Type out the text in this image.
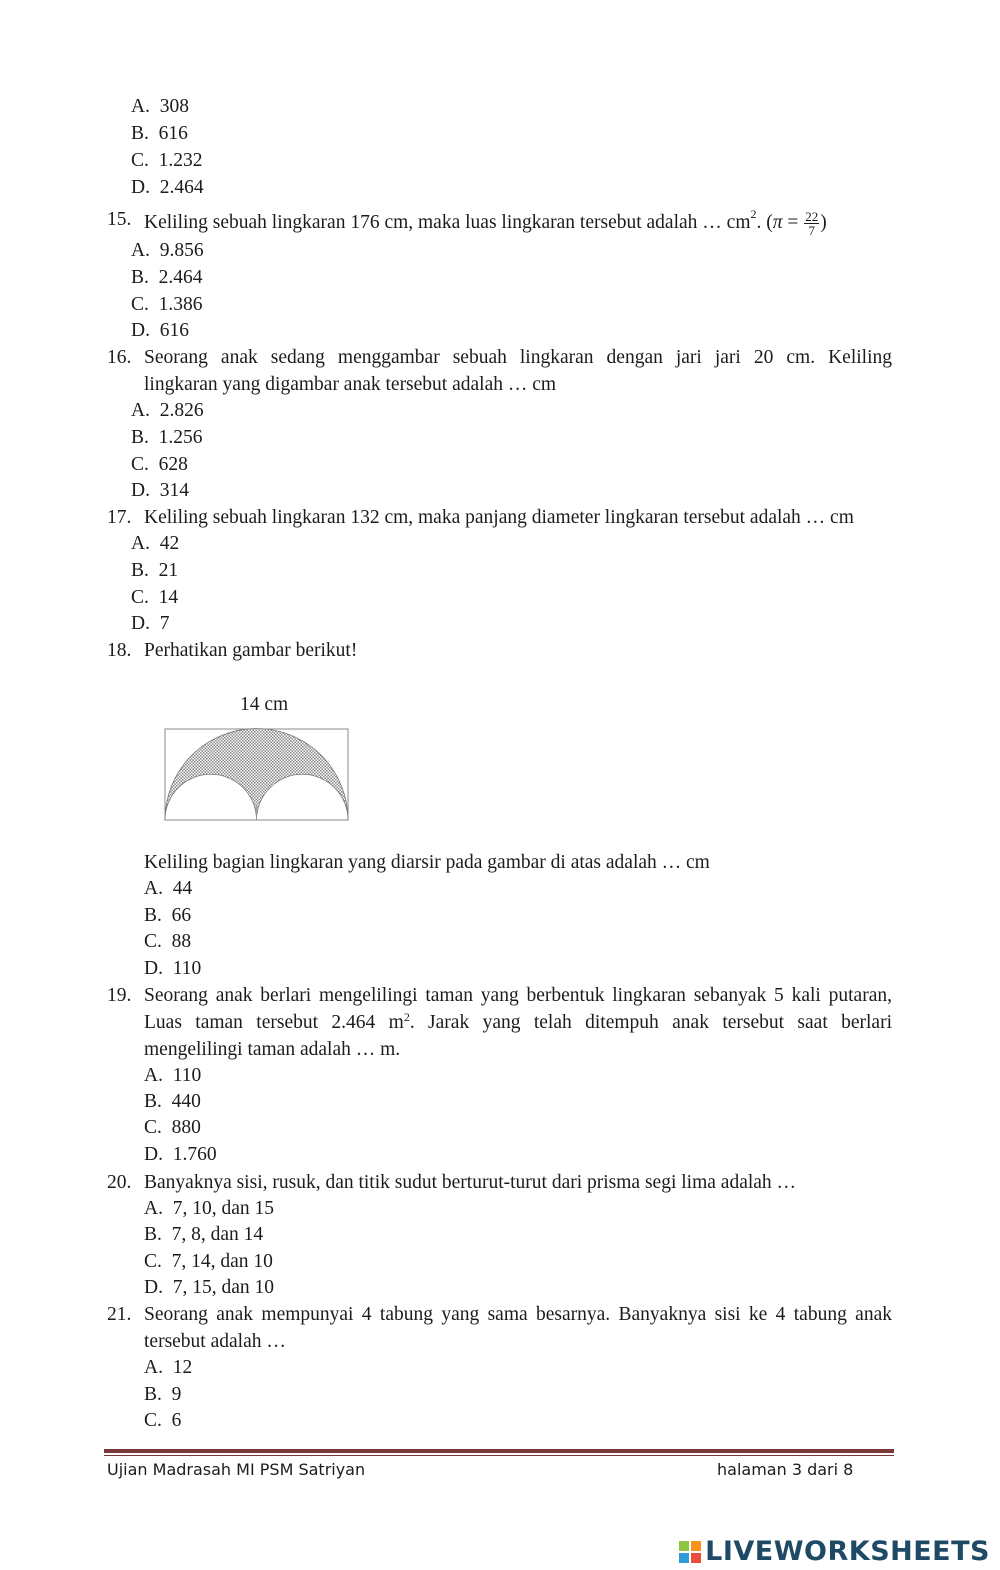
A. 308
B. 616
C. 1.232
D. 2.464
15. Keliling sebuah lingkaran 176 cm, maka luas lingkaran tersebut adalah … $cm^2$. ($\pi = \frac{22}{7}$ )
A. 9.856
B. 2.464
C. 1.386
D. 616
16. Seorang anak sedang menggambar sebuah lingkaran dengan jari jari 20 cm. Keliling
lingkaran yang digambar anak tersebut adalah … cm
A. 2.826
B. 1.256
C. 628
D. 314
17. Keliling sebuah lingkaran 132 cm, maka panjang diameter lingkaran tersebut adalah … cm
A. 42
B. 21
C. 14
D. 7
18. Perhatikan gambar berikut!
14 cm
Keliling bagian lingkaran yang diarsir pada gambar di atas adalah … cm
A. 44
B. 66
C. 88
D. 110
19. Seorang anak berlari mengelilingi taman yang berbentuk lingkaran sebanyak 5 kali putaran,
Luas taman tersebut 2.464 $m^2$. Jarak yang telah ditempuh anak tersebut saat berlari
mengelilingi taman adalah … m.
A. 110
B. 440
C. 880
D. 1.760
20. Banyaknya sisi, rusuk, dan titik sudut berturut-turut dari prisma segi lima adalah …
A. 7, 10, dan 15
B. 7, 8, dan 14
C. 7, 14, dan 10
D. 7, 15, dan 10
21. Seorang anak mempunyai 4 tabung yang sama besarnya. Banyaknya sisi ke 4 tabung anak
tersebut adalah …
A. 12
B. 9
C. 6
Ujian Madrasah MI PSM Satriyan	halaman 3 dari 8
LIVEWORKSHEETS
